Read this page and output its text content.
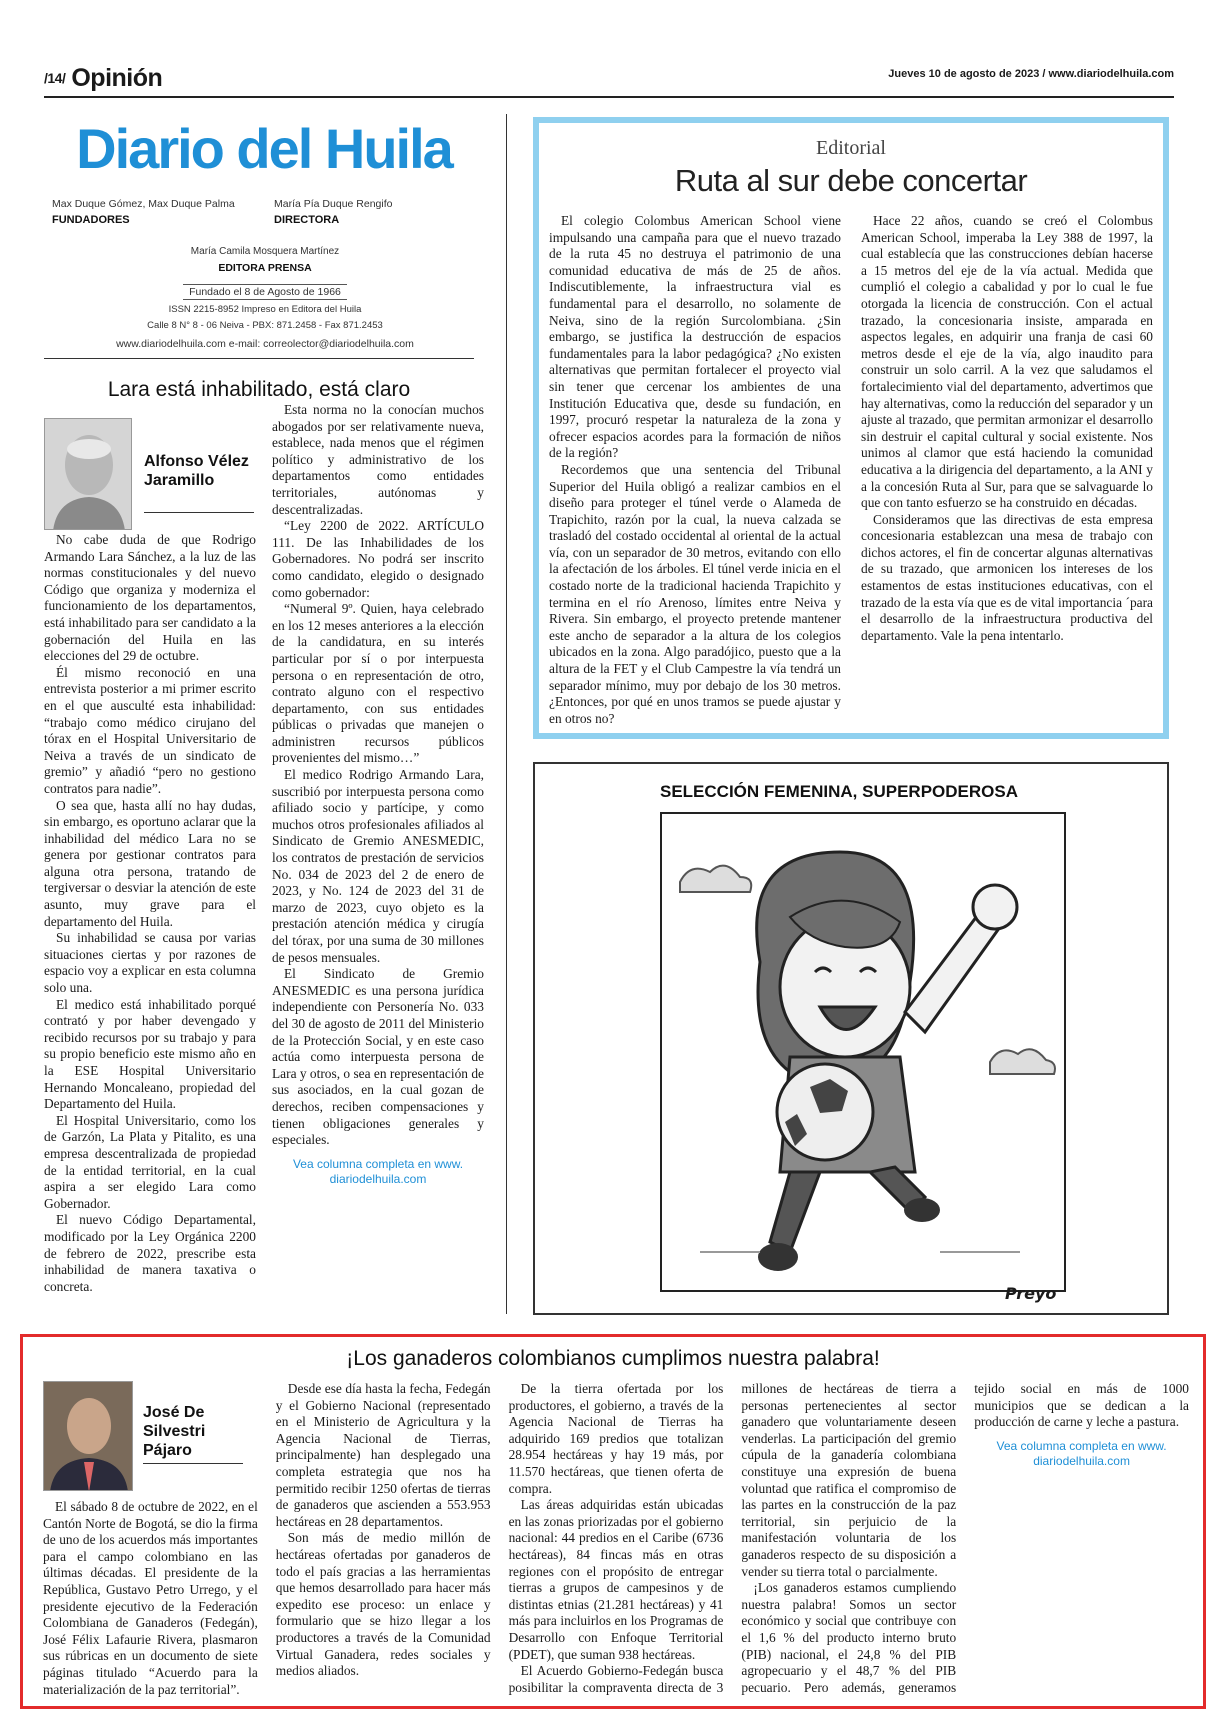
/14/ Opinión	Jueves 10 de agosto de 2023 / www.diariodelhuila.com
Diario del Huila
Max Duque Gómez, Max Duque Palma
FUNDADORES
María Pía Duque Rengifo
DIRECTORA
María Camila Mosquera Martínez
EDITORA PRENSA
Fundado el 8 de Agosto de 1966
ISSN 2215-8952 Impreso en Editora del Huila
Calle 8 N° 8 - 06 Neiva - PBX: 871.2458 - Fax 871.2453
www.diariodelhuila.com e-mail: correolector@diariodelhuila.com
Lara está inhabilitado, está claro
Alfonso Vélez Jaramillo

No cabe duda de que Rodrigo Armando Lara Sánchez, a la luz de las normas constitucionales y del nuevo Código que organiza y moderniza el funcionamiento de los departamentos, está inhabilitado para ser candidato a la gobernación del Huila en las elecciones del 29 de octubre.

Él mismo reconoció en una entrevista posterior a mi primer escrito en el que ausculté esta inhabilidad: “trabajo como médico cirujano del tórax en el Hospital Universitario de Neiva a través de un sindicato de gremio” y añadió “pero no gestiono contratos para nadie”.

O sea que, hasta allí no hay dudas, sin embargo, es oportuno aclarar que la inhabilidad del médico Lara no se genera por gestionar contratos para alguna otra persona, tratando de tergiversar o desviar la atención de este asunto, muy grave para el departamento del Huila.

Su inhabilidad se causa por varias situaciones ciertas y por razones de espacio voy a explicar en esta columna solo una.

El medico está inhabilitado porqué contrató y por haber devengado y recibido recursos por su trabajo y para su propio beneficio este mismo año en la ESE Hospital Universitario Hernando Moncaleano, propiedad del Departamento del Huila.

El Hospital Universitario, como los de Garzón, La Plata y Pitalito, es una empresa descentralizada de propiedad de la entidad territorial, en la cual aspira a ser elegido Lara como Gobernador.

El nuevo Código Departamental, modificado por la Ley Orgánica 2200 de febrero de 2022, prescribe esta inhabilidad de manera taxativa o concreta.

Esta norma no la conocían muchos abogados por ser relativamente nueva, establece, nada menos que el régimen político y administrativo de los departamentos como entidades territoriales, autónomas y descentralizadas.

“Ley 2200 de 2022. ARTÍCULO 111. De las Inhabilidades de los Gobernadores. No podrá ser inscrito como candidato, elegido o designado como gobernador:

“Numeral 9º. Quien, haya celebrado en los 12 meses anteriores a la elección de la candidatura, en su interés particular por sí o por interpuesta persona o en representación de otro, contrato alguno con el respectivo departamento, con sus entidades públicas o privadas que manejen o administren recursos públicos provenientes del mismo…”

El medico Rodrigo Armando Lara, suscribió por interpuesta persona como afiliado socio y partícipe, y como muchos otros profesionales afiliados al Sindicato de Gremio ANESMEDIC, los contratos de prestación de servicios No. 034 de 2023 del 2 de enero de 2023, y No. 124 de 2023 del 31 de marzo de 2023, cuyo objeto es la prestación atención médica y cirugía del tórax, por una suma de 30 millones de pesos mensuales.

El Sindicato de Gremio ANESMEDIC es una persona jurídica independiente con Personería No. 033 del 30 de agosto de 2011 del Ministerio de la Protección Social, y en este caso actúa como interpuesta persona de Lara y otros, o sea en representación de sus asociados, en la cual gozan de derechos, reciben compensaciones y tienen obligaciones generales y especiales.

Vea columna completa en www. diariodelhuila.com
Editorial
Ruta al sur debe concertar

El colegio Colombus American School viene impulsando una campaña para que el nuevo trazado de la ruta 45 no destruya el patrimonio de una comunidad educativa de más de 25 de años. Indiscutiblemente, la infraestructura vial es fundamental para el desarrollo, no solamente de Neiva, sino de la región Surcolombiana. ¿Sin embargo, se justifica la destrucción de espacios fundamentales para la labor pedagógica? ¿No existen alternativas que permitan fortalecer el proyecto vial sin tener que cercenar los ambientes de una Institución Educativa que, desde su fundación, en 1997, procuró respetar la naturaleza de la zona y ofrecer espacios acordes para la formación de niños de la región?

Recordemos que una sentencia del Tribunal Superior del Huila obligó a realizar cambios en el diseño para proteger el túnel verde o Alameda de Trapichito, razón por la cual, la nueva calzada se trasladó del costado occidental al oriental de la actual vía, con un separador de 30 metros, evitando con ello la afectación de los árboles. El túnel verde inicia en el costado norte de la tradicional hacienda Trapichito y termina en el río Arenoso, límites entre Neiva y Rivera. Sin embargo, el proyecto pretende mantener este ancho de separador a la altura de los colegios ubicados en la zona. Algo paradójico, puesto que a la altura de la FET y el Club Campestre la vía tendrá un separador mínimo, muy por debajo de los 30 metros. ¿Entonces, por qué en unos tramos se puede ajustar y en otros no?

Hace 22 años, cuando se creó el Colombus American School, imperaba la Ley 388 de 1997, la cual establecía que las construcciones debían hacerse a 15 metros del eje de la vía actual. Medida que cumplió el colegio a cabalidad y por lo cual le fue otorgada la licencia de construcción. Con el actual trazado, la concesionaria insiste, amparada en aspectos legales, en adquirir una franja de casi 60 metros desde el eje de la vía, algo inaudito para construir un solo carril. A la vez que saludamos el fortalecimiento vial del departamento, advertimos que hay alternativas, como la reducción del separador y un ajuste al trazado, que permitan armonizar el desarrollo sin destruir el capital cultural y social existente. Nos unimos al clamor que está haciendo la comunidad educativa a la dirigencia del departamento, a la ANI y a la concesión Ruta al Sur, para que se salvaguarde lo que con tanto esfuerzo se ha construido en décadas.

Consideramos que las directivas de esta empresa concesionaria establezcan una mesa de trabajo con dichos actores, el fin de concertar algunas alternativas de su trazado, que armonicen los intereses de los estamentos de estas instituciones educativas, con el trazado de la esta vía que es de vital importancia ´para el desarrollo de la infraestructura productiva del departamento. Vale la pena intentarlo.

SELECCIÓN FEMENINA, SUPERPODEROSA
Preyo
¡Los ganaderos colombianos cumplimos nuestra palabra!
José De Silvestri Pájaro

El sábado 8 de octubre de 2022, en el Cantón Norte de Bogotá, se dio la firma de uno de los acuerdos más importantes para el campo colombiano en las últimas décadas. El presidente de la República, Gustavo Petro Urrego, y el presidente ejecutivo de la Federación Colombiana de Ganaderos (Fedegán), José Félix Lafaurie Rivera, plasmaron sus rúbricas en un documento de siete páginas titulado “Acuerdo para la materialización de la paz territorial”.

Desde ese día hasta la fecha, Fedegán y el Gobierno Nacional (representado en el Ministerio de Agricultura y la Agencia Nacional de Tierras, principalmente) han desplegado una completa estrategia que nos ha permitido recibir 1250 ofertas de tierras de ganaderos que ascienden a 553.953 hectáreas en 28 departamentos.

Son más de medio millón de hectáreas ofertadas por ganaderos de todo el país gracias a las herramientas que hemos desarrollado para hacer más expedito ese proceso: un enlace y formulario que se hizo llegar a los productores a través de la Comunidad Virtual Ganadera, redes sociales y medios aliados.

De la tierra ofertada por los productores, el gobierno, a través de la Agencia Nacional de Tierras ha adquirido 169 predios que totalizan 28.954 hectáreas y hay 19 más, por 11.570 hectáreas, que tienen oferta de compra.

Las áreas adquiridas están ubicadas en las zonas priorizadas por el gobierno nacional: 44 predios en el Caribe (6736 hectáreas), 84 fincas más en otras regiones con el propósito de entregar tierras a grupos de campesinos y de distintas etnias (21.281 hectáreas) y 41 más para incluirlos en los Programas de Desarrollo con Enfoque Territorial (PDET), que suman 938 hectáreas.

El Acuerdo Gobierno-Fedegán busca posibilitar la compraventa directa de 3 millones de hectáreas de tierra a personas pertenecientes al sector ganadero que voluntariamente deseen venderlas. La participación del gremio cúpula de la ganadería colombiana constituye una expresión de buena voluntad que ratifica el compromiso de las partes en la construcción de la paz territorial, sin perjuicio de la manifestación voluntaria de los ganaderos respecto de su disposición a vender su tierra total o parcialmente.

¡Los ganaderos estamos cumpliendo nuestra palabra! Somos un sector económico y social que contribuye con el 1,6 % del producto interno bruto (PIB) nacional, el 24,8 % del PIB agropecuario y el 48,7 % del PIB pecuario. Pero además, generamos tejido social en más de 1000 municipios que se dedican a la producción de carne y leche a pastura.

Vea columna completa en www. diariodelhuila.com
